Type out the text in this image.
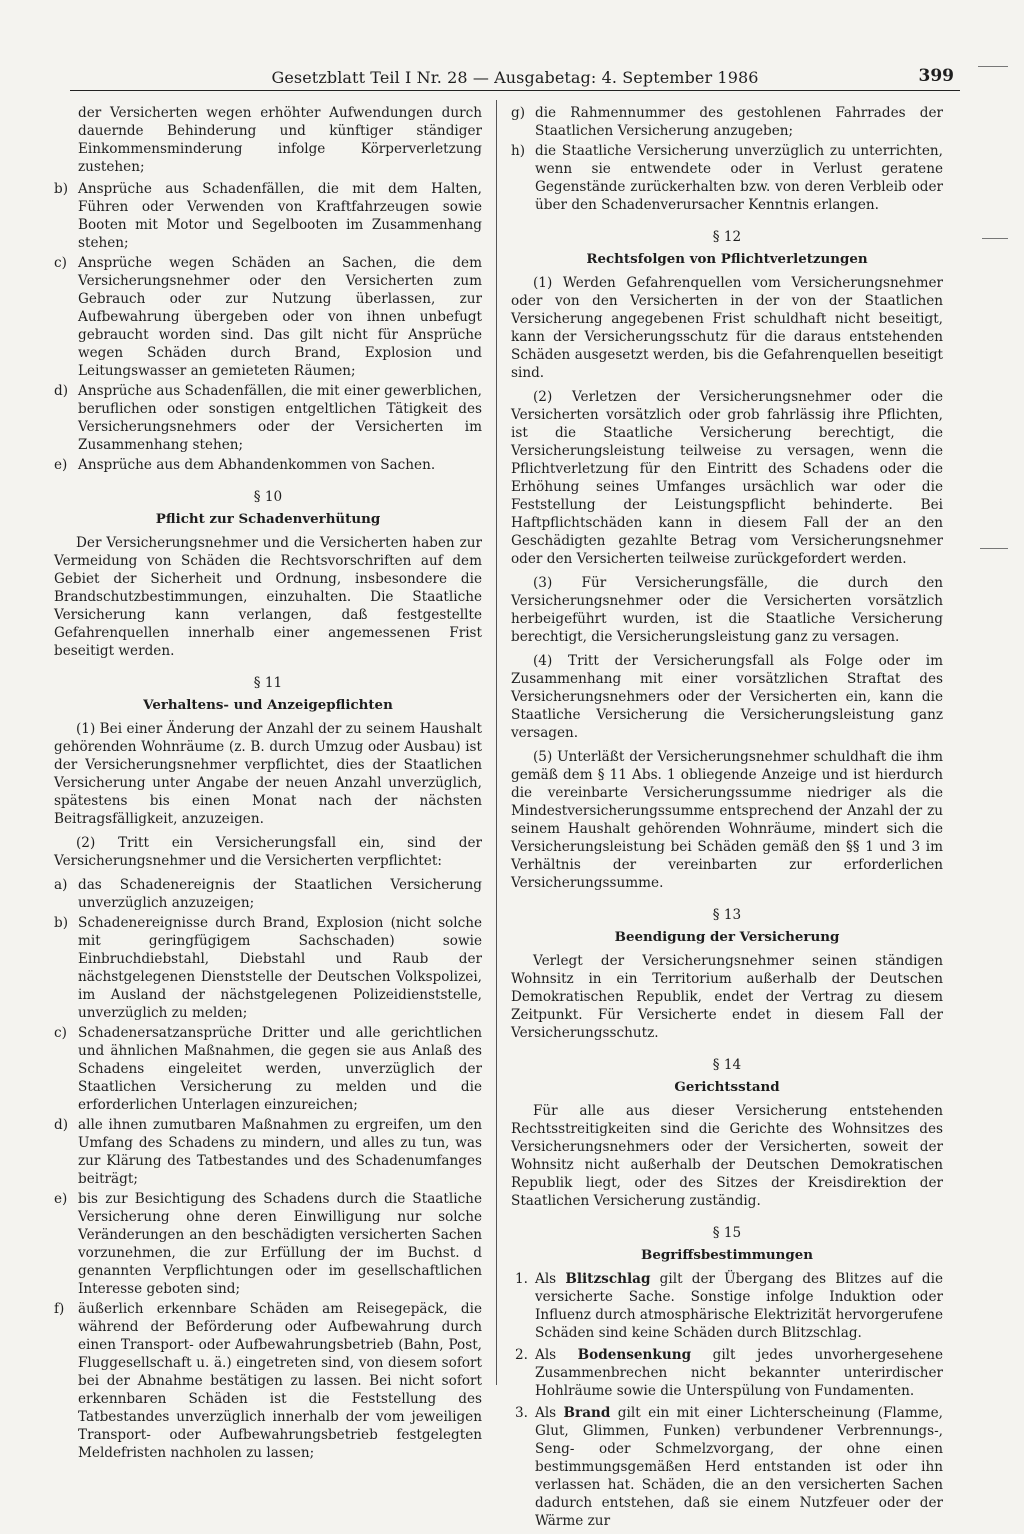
Gesetzblatt Teil I Nr. 28 — Ausgabetag: 4. September 1986	399

der Versicherten wegen erhöhter Aufwendungen durch dauernde Behinderung und künftiger ständiger Einkommensminderung infolge Körperverletzung zustehen;

b) Ansprüche aus Schadenfällen, die mit dem Halten, Führen oder Verwenden von Kraftfahrzeugen sowie Booten mit Motor und Segelbooten im Zusammenhang stehen;
c) Ansprüche wegen Schäden an Sachen, die dem Versicherungsnehmer oder den Versicherten zum Gebrauch oder zur Nutzung überlassen, zur Aufbewahrung übergeben oder von ihnen unbefugt gebraucht worden sind. Das gilt nicht für Ansprüche wegen Schäden durch Brand, Explosion und Leitungswasser an gemieteten Räumen;
d) Ansprüche aus Schadenfällen, die mit einer gewerblichen, beruflichen oder sonstigen entgeltlichen Tätigkeit des Versicherungsnehmers oder der Versicherten im Zusammenhang stehen;
e) Ansprüche aus dem Abhandenkommen von Sachen.
§ 10
Pflicht zur Schadenverhütung

Der Versicherungsnehmer und die Versicherten haben zur Vermeidung von Schäden die Rechtsvorschriften auf dem Gebiet der Sicherheit und Ordnung, insbesondere die Brandschutzbestimmungen, einzuhalten. Die Staatliche Versicherung kann verlangen, daß festgestellte Gefahrenquellen innerhalb einer angemessenen Frist beseitigt werden.

§ 11
Verhaltens- und Anzeigepflichten

(1) Bei einer Änderung der Anzahl der zu seinem Haushalt gehörenden Wohnräume (z. B. durch Umzug oder Ausbau) ist der Versicherungsnehmer verpflichtet, dies der Staatlichen Versicherung unter Angabe der neuen Anzahl unverzüglich, spätestens bis einen Monat nach der nächsten Beitragsfälligkeit, anzuzeigen.

(2) Tritt ein Versicherungsfall ein, sind der Versicherungsnehmer und die Versicherten verpflichtet:

a) das Schadenereignis der Staatlichen Versicherung unverzüglich anzuzeigen;
b) Schadenereignisse durch Brand, Explosion (nicht solche mit geringfügigem Sachschaden) sowie Einbruchdiebstahl, Diebstahl und Raub der nächstgelegenen Dienststelle der Deutschen Volkspolizei, im Ausland der nächstgelegenen Polizeidienststelle, unverzüglich zu melden;
c) Schadenersatzansprüche Dritter und alle gerichtlichen und ähnlichen Maßnahmen, die gegen sie aus Anlaß des Schadens eingeleitet werden, unverzüglich der Staatlichen Versicherung zu melden und die erforderlichen Unterlagen einzureichen;
d) alle ihnen zumutbaren Maßnahmen zu ergreifen, um den Umfang des Schadens zu mindern, und alles zu tun, was zur Klärung des Tatbestandes und des Schadenumfanges beiträgt;
e) bis zur Besichtigung des Schadens durch die Staatliche Versicherung ohne deren Einwilligung nur solche Veränderungen an den beschädigten versicherten Sachen vorzunehmen, die zur Erfüllung der im Buchst. d genannten Verpflichtungen oder im gesellschaftlichen Interesse geboten sind;
f) äußerlich erkennbare Schäden am Reisegepäck, die während der Beförderung oder Aufbewahrung durch einen Transport- oder Aufbewahrungsbetrieb (Bahn, Post, Fluggesellschaft u. ä.) eingetreten sind, von diesem sofort bei der Abnahme bestätigen zu lassen. Bei nicht sofort erkennbaren Schäden ist die Feststellung des Tatbestandes unverzüglich innerhalb der vom jeweiligen Transport- oder Aufbewahrungsbetrieb festgelegten Meldefristen nachholen zu lassen;
g) die Rahmennummer des gestohlenen Fahrrades der Staatlichen Versicherung anzugeben;
h) die Staatliche Versicherung unverzüglich zu unterrichten, wenn sie entwendete oder in Verlust geratene Gegenstände zurückerhalten bzw. von deren Verbleib oder über den Schadenverursacher Kenntnis erlangen.
§ 12
Rechtsfolgen von Pflichtverletzungen

(1) Werden Gefahrenquellen vom Versicherungsnehmer oder von den Versicherten in der von der Staatlichen Versicherung angegebenen Frist schuldhaft nicht beseitigt, kann der Versicherungsschutz für die daraus entstehenden Schäden ausgesetzt werden, bis die Gefahrenquellen beseitigt sind.

(2) Verletzen der Versicherungsnehmer oder die Versicherten vorsätzlich oder grob fahrlässig ihre Pflichten, ist die Staatliche Versicherung berechtigt, die Versicherungsleistung teilweise zu versagen, wenn die Pflichtverletzung für den Eintritt des Schadens oder die Erhöhung seines Umfanges ursächlich war oder die Feststellung der Leistungspflicht behinderte. Bei Haftpflichtschäden kann in diesem Fall der an den Geschädigten gezahlte Betrag vom Versicherungsnehmer oder den Versicherten teilweise zurückgefordert werden.

(3) Für Versicherungsfälle, die durch den Versicherungsnehmer oder die Versicherten vorsätzlich herbeigeführt wurden, ist die Staatliche Versicherung berechtigt, die Versicherungsleistung ganz zu versagen.

(4) Tritt der Versicherungsfall als Folge oder im Zusammenhang mit einer vorsätzlichen Straftat des Versicherungsnehmers oder der Versicherten ein, kann die Staatliche Versicherung die Versicherungsleistung ganz versagen.

(5) Unterläßt der Versicherungsnehmer schuldhaft die ihm gemäß dem § 11 Abs. 1 obliegende Anzeige und ist hierdurch die vereinbarte Versicherungssumme niedriger als die Mindestversicherungssumme entsprechend der Anzahl der zu seinem Haushalt gehörenden Wohnräume, mindert sich die Versicherungsleistung bei Schäden gemäß den §§ 1 und 3 im Verhältnis der vereinbarten zur erforderlichen Versicherungssumme.

§ 13
Beendigung der Versicherung

Verlegt der Versicherungsnehmer seinen ständigen Wohnsitz in ein Territorium außerhalb der Deutschen Demokratischen Republik, endet der Vertrag zu diesem Zeitpunkt. Für Versicherte endet in diesem Fall der Versicherungsschutz.

§ 14
Gerichtsstand

Für alle aus dieser Versicherung entstehenden Rechtsstreitigkeiten sind die Gerichte des Wohnsitzes des Versicherungsnehmers oder der Versicherten, soweit der Wohnsitz nicht außerhalb der Deutschen Demokratischen Republik liegt, oder des Sitzes der Kreisdirektion der Staatlichen Versicherung zuständig.

§ 15
Begriffsbestimmungen
1. Als Blitzschlag gilt der Übergang des Blitzes auf die versicherte Sache. Sonstige infolge Induktion oder Influenz durch atmosphärische Elektrizität hervorgerufene Schäden sind keine Schäden durch Blitzschlag.
2. Als Bodensenkung gilt jedes unvorhergesehene Zusammenbrechen nicht bekannter unterirdischer Hohlräume sowie die Unterspülung von Fundamenten.
3. Als Brand gilt ein mit einer Lichterscheinung (Flamme, Glut, Glimmen, Funken) verbundener Verbrennungs-, Seng- oder Schmelzvorgang, der ohne einen bestimmungsgemäßen Herd entstanden ist oder ihn verlassen hat. Schäden, die an den versicherten Sachen dadurch entstehen, daß sie einem Nutzfeuer oder der Wärme zur
